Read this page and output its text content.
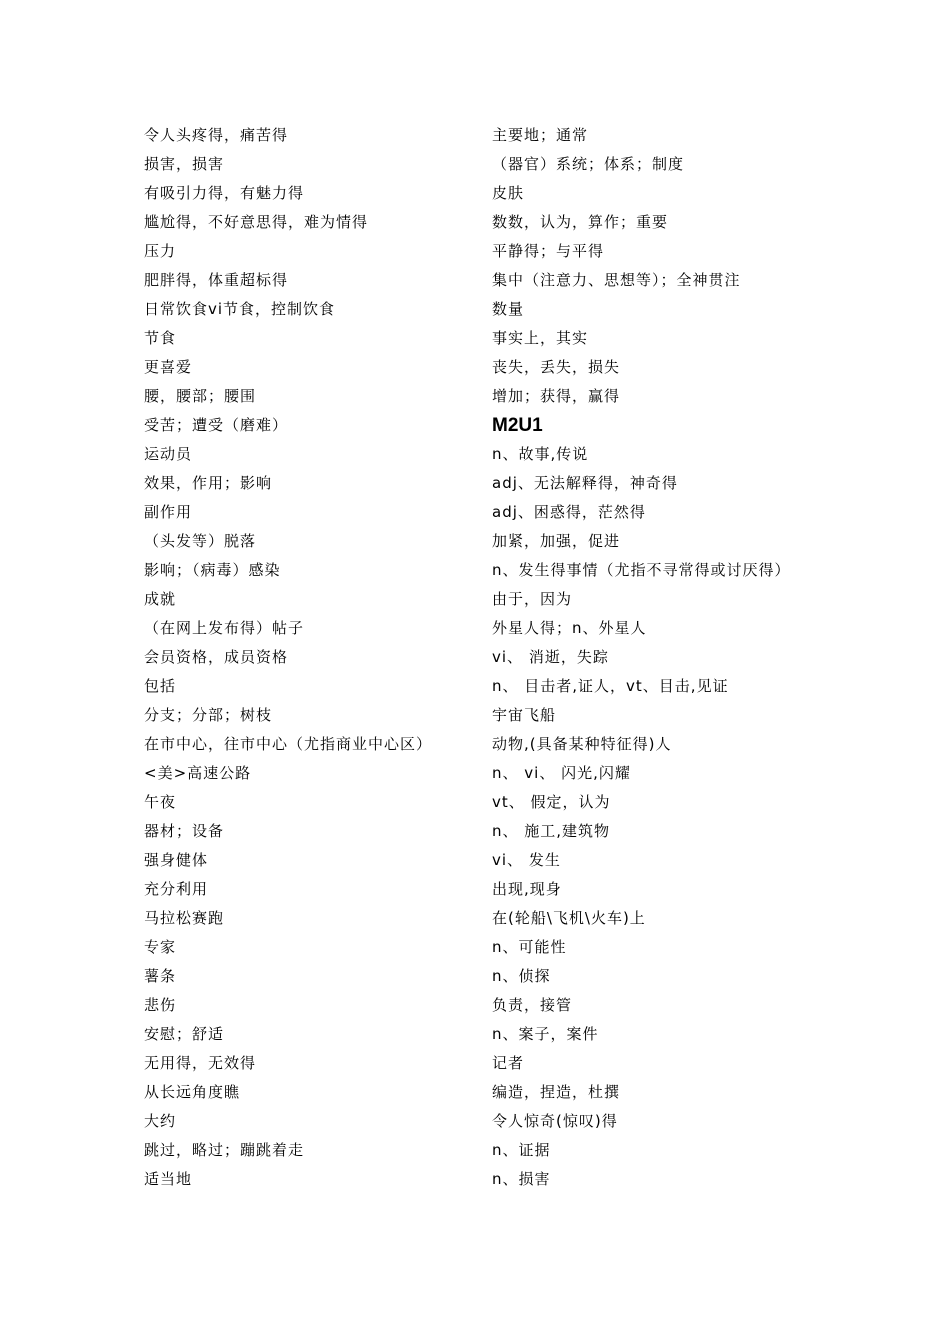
令人头疼得，痛苦得
损害，损害
有吸引力得，有魅力得
尴尬得，不好意思得，难为情得
压力
肥胖得，体重超标得
日常饮食vi节食，控制饮食
节食
更喜爱
腰，腰部；腰围
受苦；遭受（磨难）
运动员
效果，作用；影响
副作用
（头发等）脱落
影响；（病毒）感染
成就
（在网上发布得）帖子
会员资格，成员资格
包括
分支；分部；树枝
在市中心，往市中心（尤指商业中心区）
<美>高速公路
午夜
器材；设备
强身健体
充分利用
马拉松赛跑
专家
薯条
悲伤
安慰；舒适
无用得，无效得
从长远角度瞧
大约
跳过，略过；蹦跳着走
适当地
主要地；通常
（器官）系统；体系；制度
皮肤
数数，认为，算作；重要
平静得；与平得
集中（注意力、思想等）；全神贯注
数量
事实上，其实
丧失，丢失，损失
增加；获得，赢得
M2U1
n、故事,传说
adj、无法解释得，神奇得
adj、困惑得，茫然得
加紧，加强，促进
n、发生得事情（尤指不寻常得或讨厌得）
由于，因为
外星人得；n、外星人
vi、 消逝，失踪
n、 目击者,证人，vt、目击,见证
宇宙飞船
动物,(具备某种特征得)人
n、 vi、 闪光,闪耀
vt、 假定，认为
n、 施工,建筑物
vi、 发生
出现,现身
在(轮船\飞机\火车)上
n、可能性
n、侦探
负责，接管
n、案子，案件
记者
编造，捏造，杜撰
令人惊奇(惊叹)得
n、证据
n、损害
